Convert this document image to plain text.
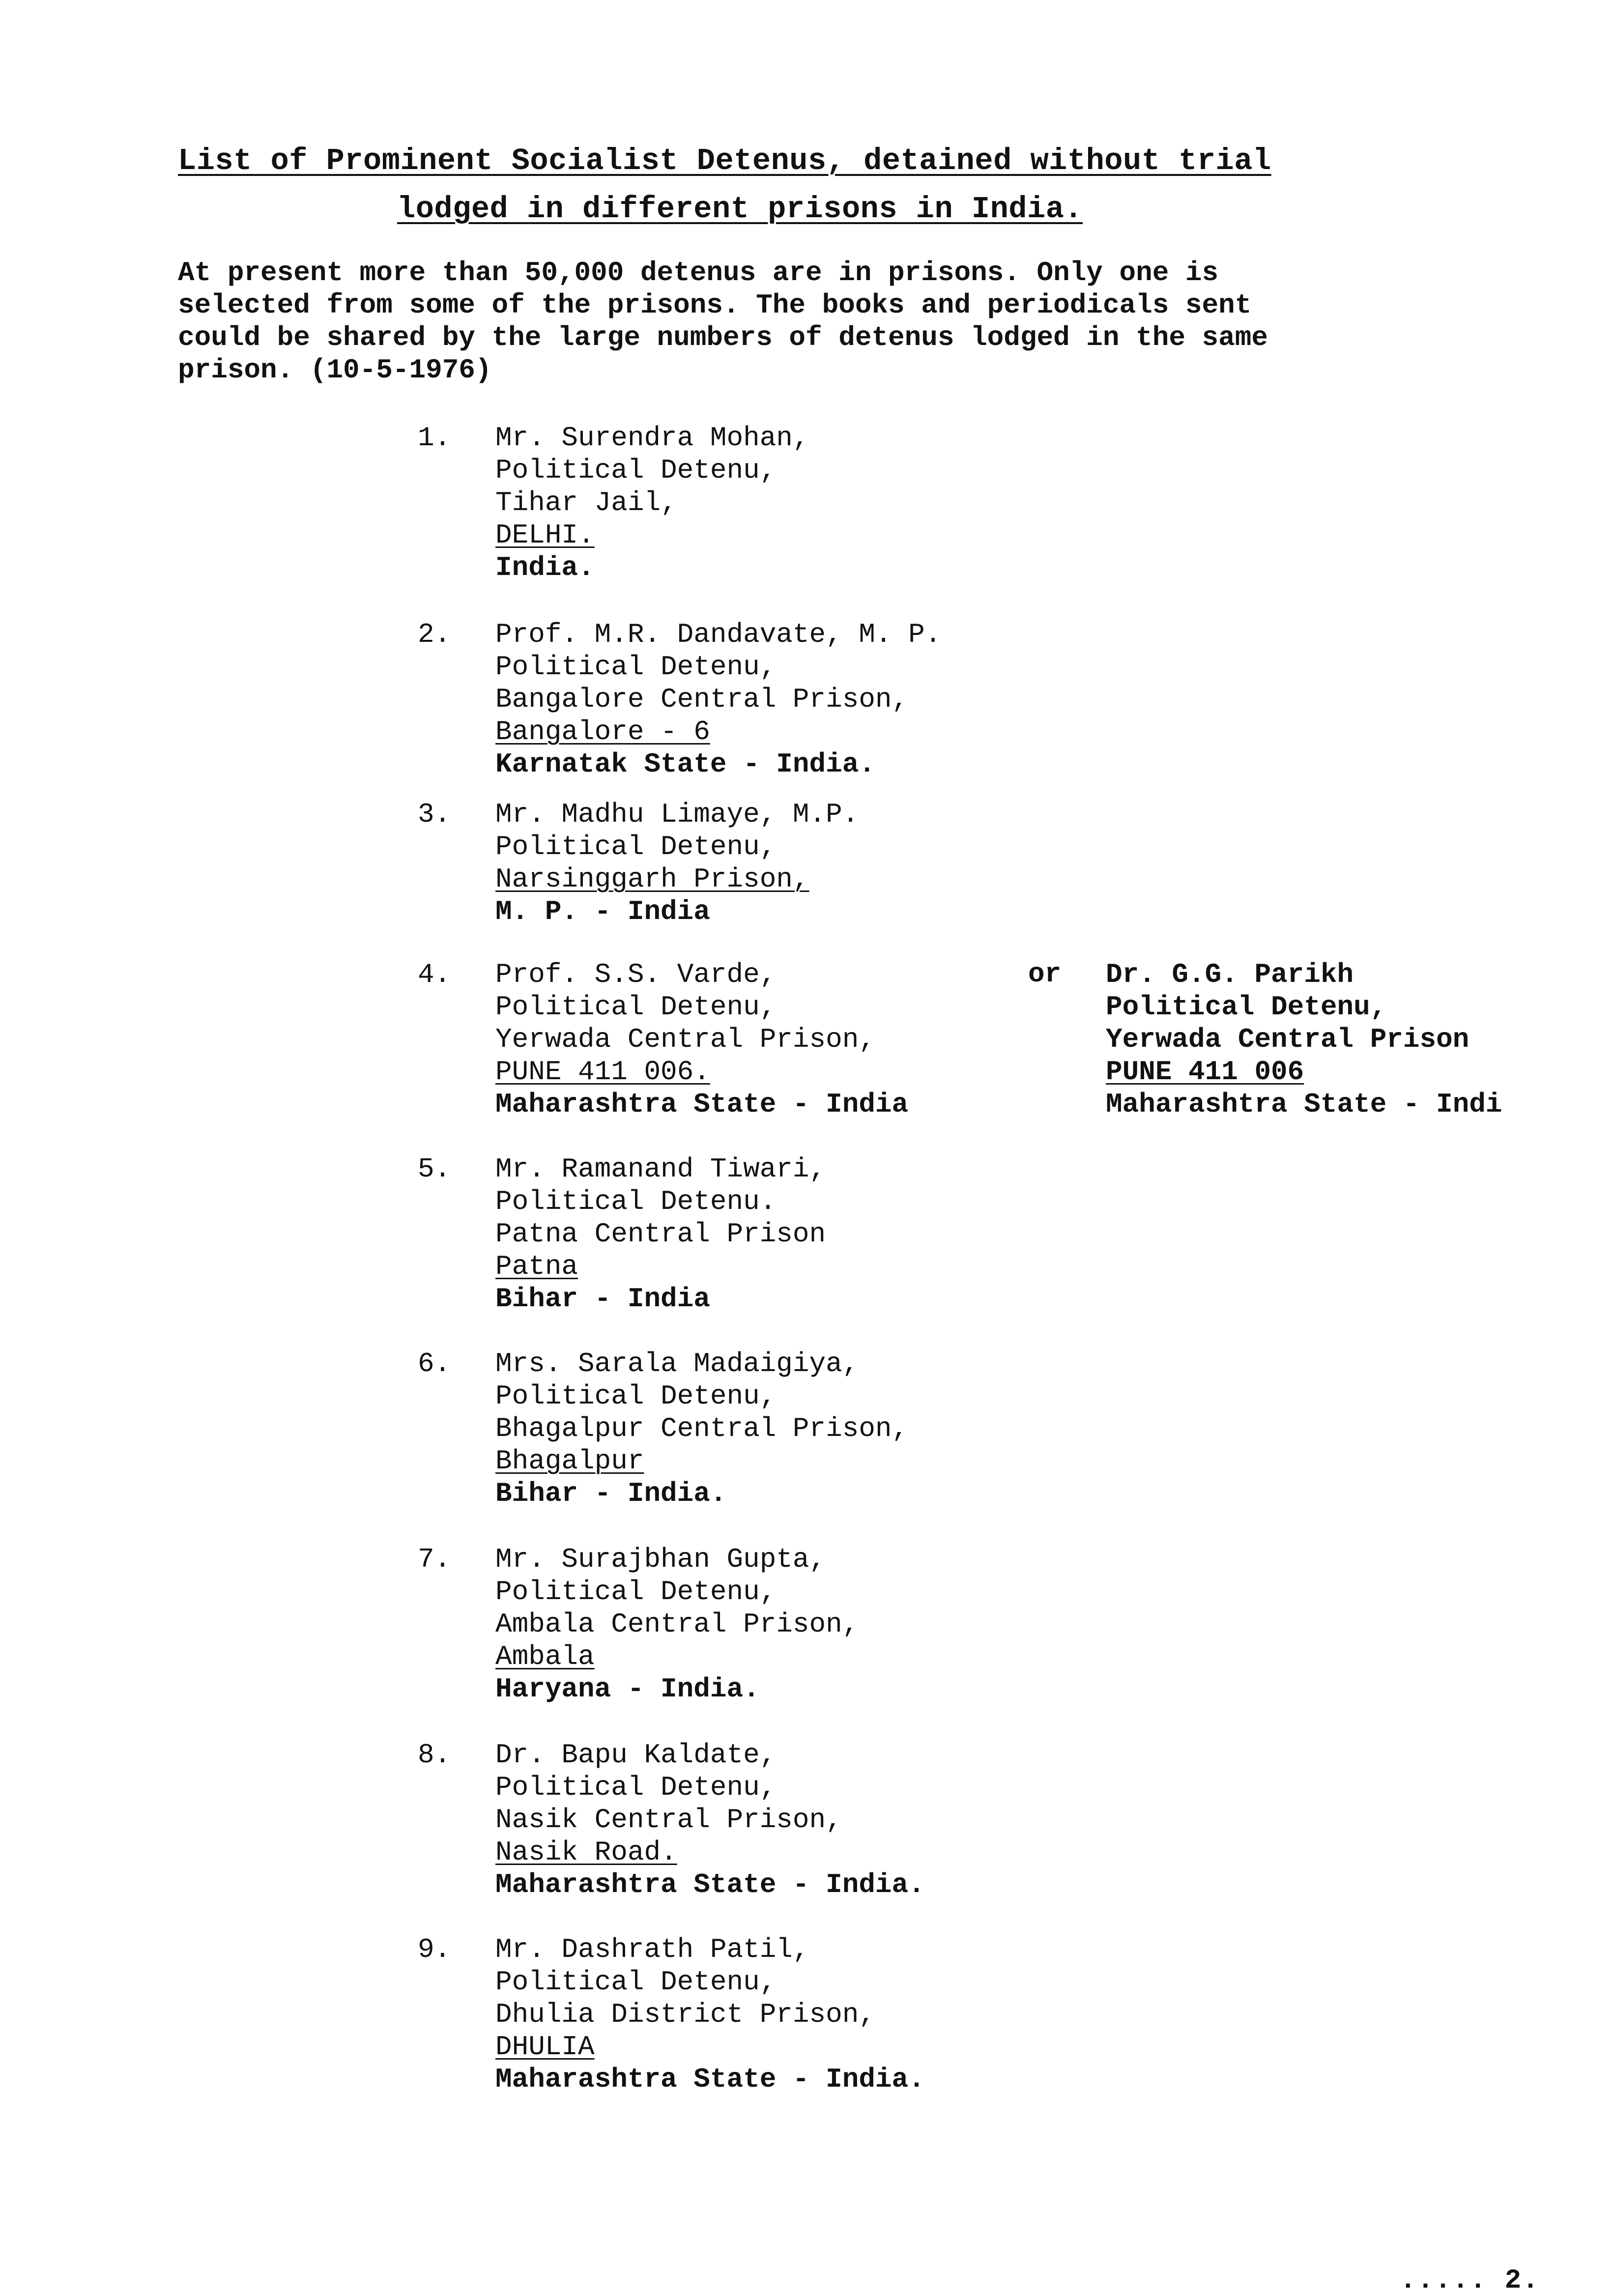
List of Prominent Socialist Detenus, detained without trial
lodged in different prisons in India.
At present more than 50,000 detenus are in prisons. Only one is
selected from some of the prisons. The books and periodicals sent
could be shared by the large numbers of detenus lodged in the same
prison. (10-5-1976)
1. Mr. Surendra Mohan,
Political Detenu,
Tihar Jail,
DELHI.
India.
2. Prof. M.R. Dandavate, M. P.
Political Detenu,
Bangalore Central Prison,
Bangalore - 6
Karnatak State - India.
3. Mr. Madhu Limaye, M.P.
Political Detenu,
Narsinggarh Prison,
M. P. - India
4. Prof. S.S. Varde,
Political Detenu,
Yerwada Central Prison,
PUNE 411 006.
Maharashtra State - India
or Dr. G.G. Parikh
Political Detenu,
Yerwada Central Prison
PUNE 411 006
Maharashtra State - Indi
5. Mr. Ramanand Tiwari,
Political Detenu.
Patna Central Prison
Patna
Bihar - India
6. Mrs. Sarala Madaigiya,
Political Detenu,
Bhagalpur Central Prison,
Bhagalpur
Bihar - India.
7. Mr. Surajbhan Gupta,
Political Detenu,
Ambala Central Prison,
Ambala
Haryana - India.
8. Dr. Bapu Kaldate,
Political Detenu,
Nasik Central Prison,
Nasik Road.
Maharashtra State - India.
9. Mr. Dashrath Patil,
Political Detenu,
Dhulia District Prison,
DHULIA
Maharashtra State - India.
..... 2.
